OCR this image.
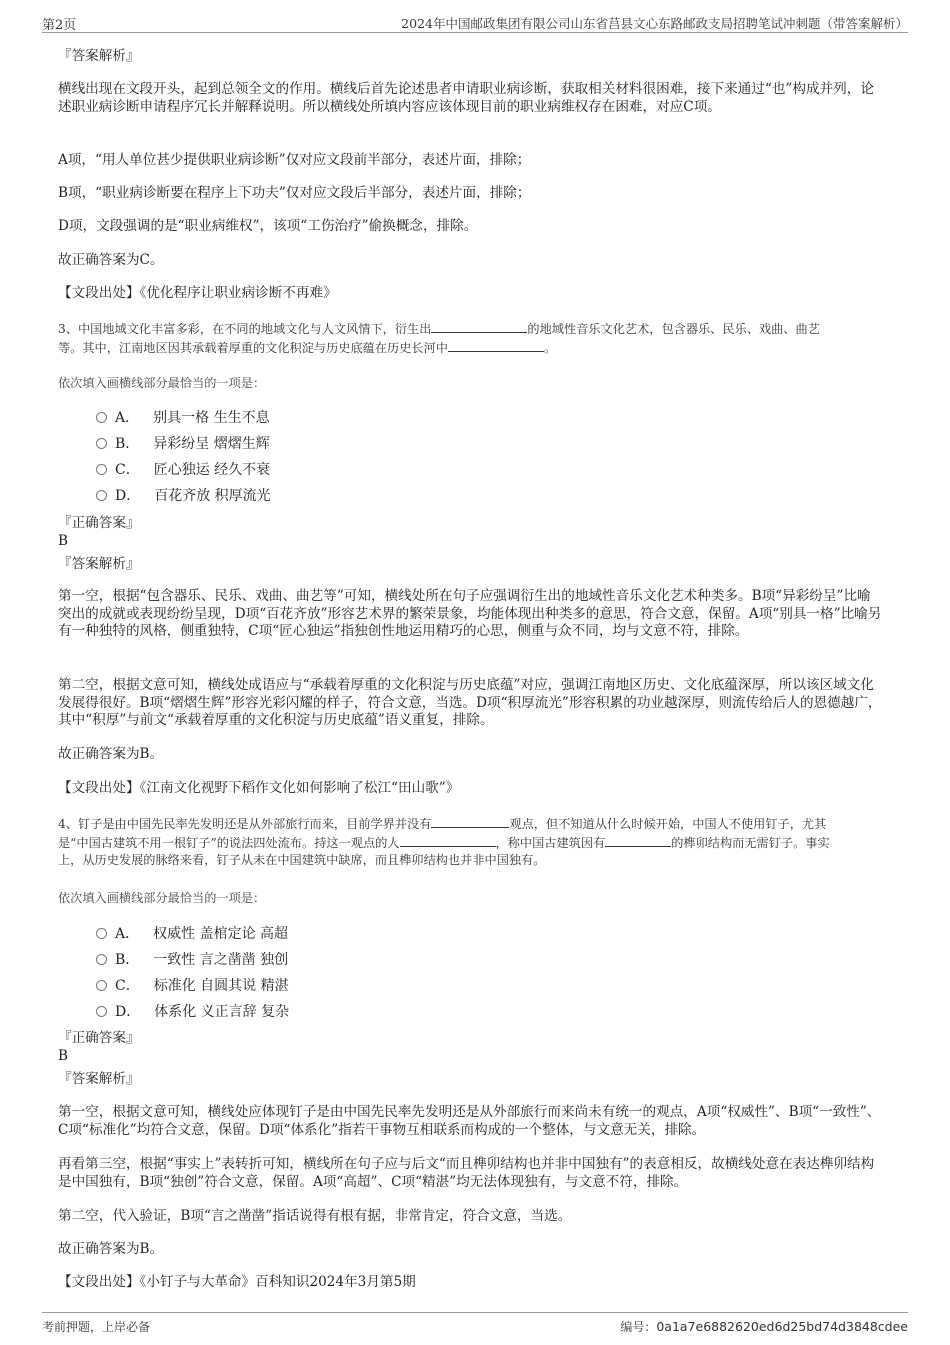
第2页	2024年中国邮政集团有限公司山东省莒县文心东路邮政支局招聘笔试冲刺题（带答案解析）
『答案解析』
横线出现在文段开头，起到总领全文的作用。横线后首先论述患者申请职业病诊断，获取相关材料很困难，接下来通过“也”构成并列，论述职业病诊断申请程序冗长并解释说明。所以横线处所填内容应该体现目前的职业病维权存在困难，对应C项。
A项，“用人单位甚少提供职业病诊断”仅对应文段前半部分，表述片面，排除；
B项，“职业病诊断要在程序上下功夫”仅对应文段后半部分，表述片面，排除；
D项，文段强调的是“职业病维权”，该项“工伤治疗”偷换概念，排除。
故正确答案为C。
【文段出处】《优化程序让职业病诊断不再难》
3、中国地域文化丰富多彩，在不同的地域文化与人文风情下，衍生出	的地域性音乐文化艺术，包含器乐、民乐、戏曲、曲艺
等。其中，江南地区因其承载着厚重的文化积淀与历史底蕴在历史长河中	。
依次填入画横线部分最恰当的一项是：
A． 别具一格 生生不息
B． 异彩纷呈 熠熠生辉
C． 匠心独运 经久不衰
D． 百花齐放 积厚流光
『正确答案』
B
『答案解析』
第一空，根据“包含器乐、民乐、戏曲、曲艺等”可知，横线处所在句子应强调衍生出的地域性音乐文化艺术种类多。B项“异彩纷呈”比喻突出的成就或表现纷纷呈现，D项“百花齐放”形容艺术界的繁荣景象，均能体现出种类多的意思，符合文意，保留。A项“别具一格”比喻另有一种独特的风格，侧重独特，C项“匠心独运”指独创性地运用精巧的心思，侧重与众不同，均与文意不符，排除。
第二空，根据文意可知，横线处成语应与“承载着厚重的文化积淀与历史底蕴”对应，强调江南地区历史、文化底蕴深厚，所以该区域文化发展得很好。B项“熠熠生辉”形容光彩闪耀的样子，符合文意，当选。D项“积厚流光”形容积累的功业越深厚，则流传给后人的恩德越广，其中“积厚”与前文“承载着厚重的文化积淀与历史底蕴”语义重复，排除。
故正确答案为B。
【文段出处】《江南文化视野下稻作文化如何影响了松江“田山歌”》
4、钉子是由中国先民率先发明还是从外部旅行而来，目前学界并没有	观点，但不知道从什么时候开始，中国人不使用钉子，尤其
是“中国古建筑不用一根钉子”的说法四处流布。持这一观点的人	，称中国古建筑因有	的榫卯结构而无需钉子。事实
上，从历史发展的脉络来看，钉子从未在中国建筑中缺席，而且榫卯结构也并非中国独有。
依次填入画横线部分最恰当的一项是：
A． 权威性 盖棺定论 高超
B． 一致性 言之凿凿 独创
C． 标准化 自圆其说 精湛
D． 体系化 义正言辞 复杂
『正确答案』
B
『答案解析』
第一空，根据文意可知，横线处应体现钉子是由中国先民率先发明还是从外部旅行而来尚未有统一的观点，A项“权威性”、B项“一致性”、C项“标准化”均符合文意，保留。D项“体系化”指若干事物互相联系而构成的一个整体，与文意无关，排除。
再看第三空，根据“事实上”表转折可知，横线所在句子应与后文“而且榫卯结构也并非中国独有”的表意相反，故横线处意在表达榫卯结构是中国独有，B项“独创”符合文意，保留。A项“高超”、C项“精湛”均无法体现独有，与文意不符，排除。
第二空，代入验证，B项“言之凿凿”指话说得有根有据，非常肯定，符合文意，当选。
故正确答案为B。
【文段出处】《小钉子与大革命》百科知识2024年3月第5期
考前押题，上岸必备	编号：0a1a7e6882620ed6d25bd74d3848cdee
